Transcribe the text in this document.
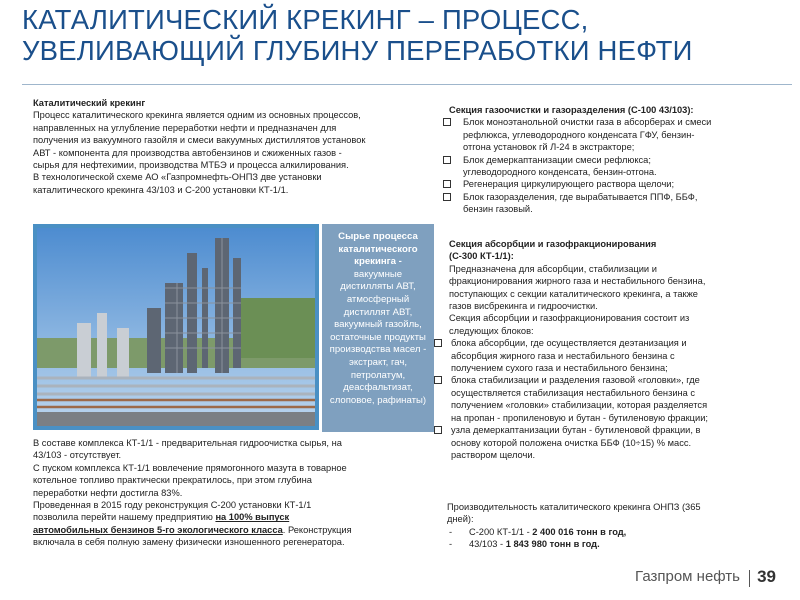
КАТАЛИТИЧЕСКИЙ КРЕКИНГ – ПРОЦЕСС,
УВЕЛИВАЮЩИЙ ГЛУБИНУ ПЕРЕРАБОТКИ НЕФТИ
Каталитический крекинг
Процесс каталитического крекинга является одним из основных процессов,
направленных на углубление переработки нефти и предназначен для
получения из вакуумного газойля и смеси вакуумных дистиллятов установок
АВТ - компонента для производства автобензинов и сжиженных газов -
сырья для нефтехимии, производства МТБЭ и процесса алкилирования.
В технологической схеме АО «Газпромнефть-ОНПЗ две установки
каталитического крекинга 43/103 и С-200 установки КТ-1/1.
Сырье процесса
каталитического
крекинга -
вакуумные
дистилляты АВТ,
атмосферный
дистиллят АВТ,
вакуумный газойль,
остаточные продукты
производства масел -
экстракт, гач,
петролатум,
деасфальтизат,
слоповое, рафинаты)
В составе комплекса КТ-1/1 - предварительная гидроочистка сырья, на
43/103 - отсутствует.
С пуском комплекса КТ-1/1 вовлечение прямогонного мазута в товарное
котельное топливо практически прекратилось, при этом глубина
переработки нефти достигла 83%.
Проведенная в 2015 году реконструкция С-200 установки КТ-1/1
позволила перейти нашему предприятию на 100% выпуск
автомобильных бензинов 5-го экологического класса. Реконструкция
включала в себя полную замену физически изношенного регенератора.
Секция газоочистки и газоразделения (С-100 43/103):
Блок моноэтанольной очистки газа в абсорберах и смеси
рефлюкса, углеводородного конденсата ГФУ, бензин-
отгона установок гй Л-24 в экстракторе;
Блок демеркаптанизации смеси рефлюкса;
углеводородного конденсата, бензин-отгона.
Регенерация циркулирующего раствора щелочи;
Блок газоразделения, где вырабатывается ППФ, ББФ,
бензин газовый.
Секция абсорбции и газофракционирования
(С-300 КТ-1/1):
Предназначена для абсорбции, стабилизации и
фракционирования жирного газа и нестабильного бензина,
поступающих с секции каталитического крекинга, а также
газов висбрекинга и гидроочистки.
Секция абсорбции и газофракционирования состоит из
следующих блоков:
блока абсорбции, где осуществляется деэтанизация и
абсорбция жирного газа и нестабильного бензина с
получением сухого газа и нестабильного бензина;
блока стабилизации и разделения газовой «головки», где
осуществляется стабилизация нестабильного бензина с
получением «головки» стабилизации, которая разделяется
на пропан - пропиленовую и бутан - бутиленовую фракции;
узла демеркаптанизации бутан - бутиленовой фракции, в
основу которой положена очистка ББФ (10÷15) % масс.
раствором щелочи.
Производительность каталитического крекинга ОНПЗ (365
дней):
- С-200 КТ-1/1 - 2 400 016 тонн в год,
- 43/103 - 1 843 980 тонн в год.
Газпром нефть 39
